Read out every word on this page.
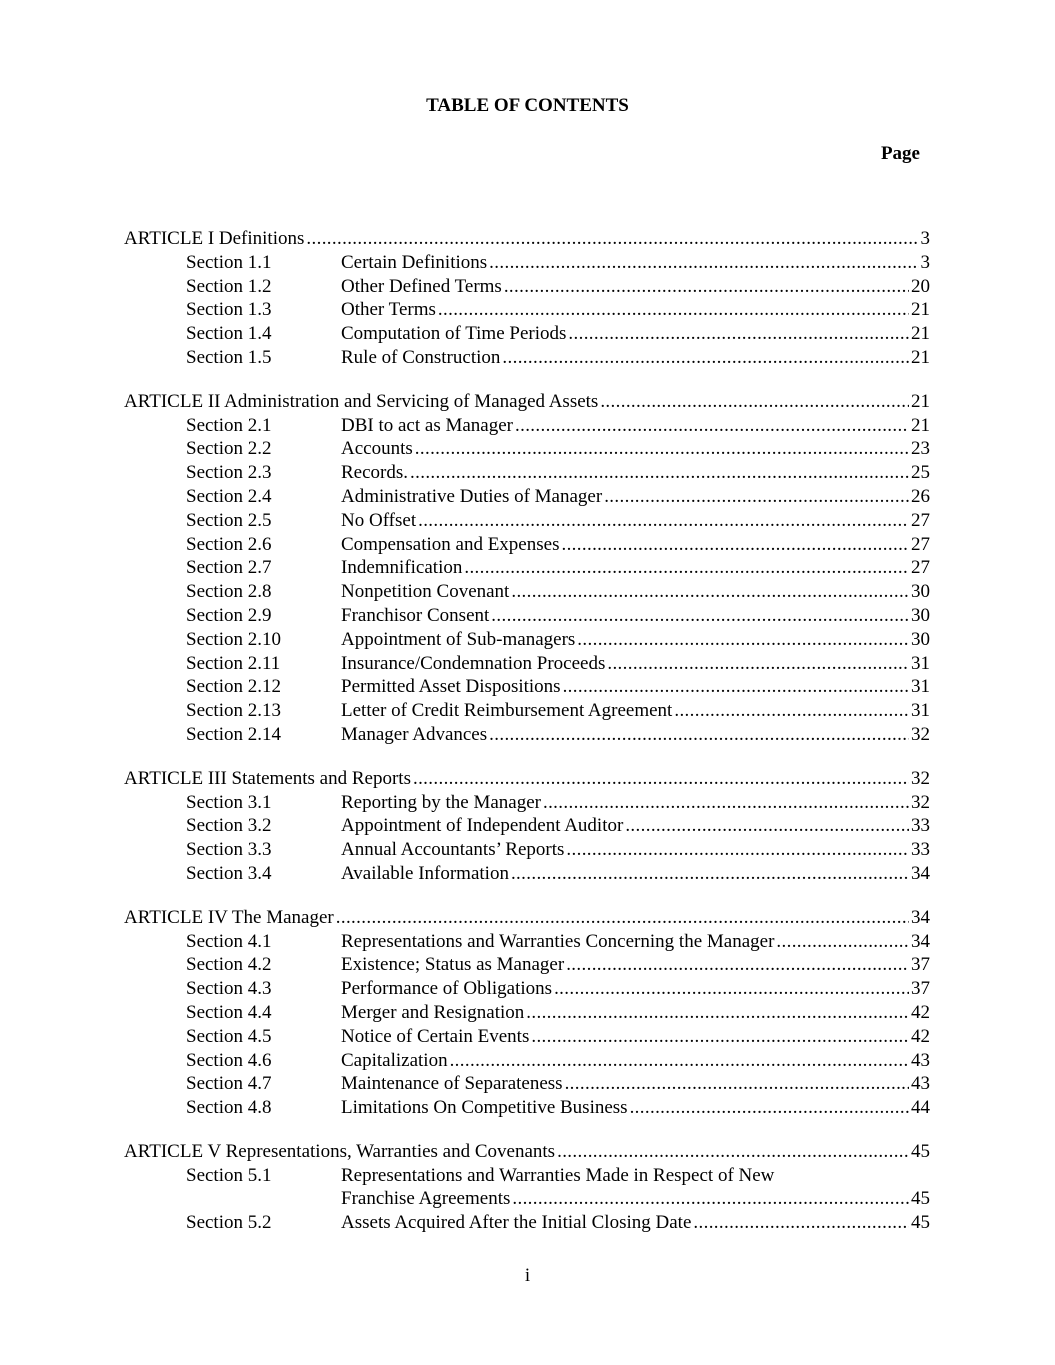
TABLE OF CONTENTS
Page
ARTICLE I Definitions . . .	3
Section 1.1	Certain Definitions . . .	3
Section 1.2	Other Defined Terms . . .	20
Section 1.3	Other Terms . . .	21
Section 1.4	Computation of Time Periods . . .	21
Section 1.5	Rule of Construction . . .	21
ARTICLE II Administration and Servicing of Managed Assets . . .	21
Section 2.1	DBI to act as Manager . . .	21
Section 2.2	Accounts . . .	23
Section 2.3	Records. . . .	25
Section 2.4	Administrative Duties of Manager . . .	26
Section 2.5	No Offset . . .	27
Section 2.6	Compensation and Expenses . . .	27
Section 2.7	Indemnification . . .	27
Section 2.8	Nonpetition Covenant . . .	30
Section 2.9	Franchisor Consent . . .	30
Section 2.10	Appointment of Sub-managers . . .	30
Section 2.11	Insurance/Condemnation Proceeds . . .	31
Section 2.12	Permitted Asset Dispositions . . .	31
Section 2.13	Letter of Credit Reimbursement Agreement . . .	31
Section 2.14	Manager Advances . . .	32
ARTICLE III Statements and Reports . . .	32
Section 3.1	Reporting by the Manager . . .	32
Section 3.2	Appointment of Independent Auditor . . .	33
Section 3.3	Annual Accountants’ Reports . . .	33
Section 3.4	Available Information . . .	34
ARTICLE IV The Manager . . .	34
Section 4.1	Representations and Warranties Concerning the Manager . . .	34
Section 4.2	Existence; Status as Manager . . .	37
Section 4.3	Performance of Obligations . . .	37
Section 4.4	Merger and Resignation . . .	42
Section 4.5	Notice of Certain Events . . .	42
Section 4.6	Capitalization . . .	43
Section 4.7	Maintenance of Separateness . . .	43
Section 4.8	Limitations On Competitive Business . . .	44
ARTICLE V Representations, Warranties and Covenants . . .	45
Section 5.1	Representations and Warranties Made in Respect of New
Franchise Agreements . . .	45
Section 5.2	Assets Acquired After the Initial Closing Date . . .	45
i
